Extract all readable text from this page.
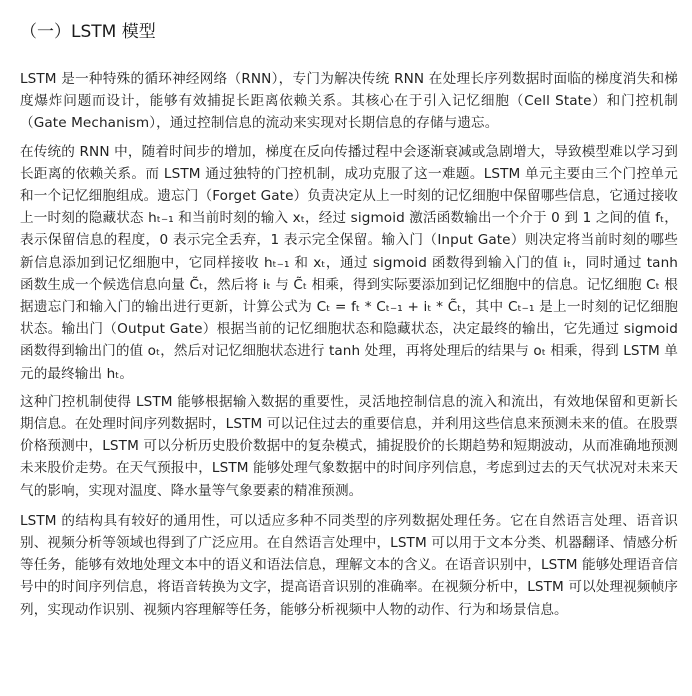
（一）LSTM 模型

LSTM 是一种特殊的循环神经网络（RNN），专门为解决传统 RNN 在处理长序列数据时面临的梯度消失和梯度爆炸问题而设计，能够有效捕捉长距离依赖关系。其核心在于引入记忆细胞（Cell State）和门控机制（Gate Mechanism），通过控制信息的流动来实现对长期信息的存储与遗忘。

在传统的 RNN 中，随着时间步的增加，梯度在反向传播过程中会逐渐衰减或急剧增大，导致模型难以学习到长距离的依赖关系。而 LSTM 通过独特的门控机制，成功克服了这一难题。LSTM 单元主要由三个门控单元和一个记忆细胞组成。遗忘门（Forget Gate）负责决定从上一时刻的记忆细胞中保留哪些信息，它通过接收上一时刻的隐藏状态 hₜ₋₁ 和当前时刻的输入 xₜ，经过 sigmoid 激活函数输出一个介于 0 到 1 之间的值 fₜ，表示保留信息的程度，0 表示完全丢弃，1 表示完全保留。输入门（Input Gate）则决定将当前时刻的哪些新信息添加到记忆细胞中，它同样接收 hₜ₋₁ 和 xₜ，通过 sigmoid 函数得到输入门的值 iₜ，同时通过 tanh 函数生成一个候选信息向量 C̃ₜ，然后将 iₜ 与 C̃ₜ 相乘，得到实际要添加到记忆细胞中的信息。记忆细胞 Cₜ 根据遗忘门和输入门的输出进行更新，计算公式为 Cₜ = fₜ * Cₜ₋₁ + iₜ * C̃ₜ，其中 Cₜ₋₁ 是上一时刻的记忆细胞状态。输出门（Output Gate）根据当前的记忆细胞状态和隐藏状态，决定最终的输出，它先通过 sigmoid 函数得到输出门的值 oₜ，然后对记忆细胞状态进行 tanh 处理，再将处理后的结果与 oₜ 相乘，得到 LSTM 单元的最终输出 hₜ。

这种门控机制使得 LSTM 能够根据输入数据的重要性，灵活地控制信息的流入和流出，有效地保留和更新长期信息。在处理时间序列数据时，LSTM 可以记住过去的重要信息，并利用这些信息来预测未来的值。在股票价格预测中，LSTM 可以分析历史股价数据中的复杂模式，捕捉股价的长期趋势和短期波动，从而准确地预测未来股价走势。在天气预报中，LSTM 能够处理气象数据中的时间序列信息，考虑到过去的天气状况对未来天气的影响，实现对温度、降水量等气象要素的精准预测。

LSTM 的结构具有较好的通用性，可以适应多种不同类型的序列数据处理任务。它在自然语言处理、语音识别、视频分析等领域也得到了广泛应用。在自然语言处理中，LSTM 可以用于文本分类、机器翻译、情感分析等任务，能够有效地处理文本中的语义和语法信息，理解文本的含义。在语音识别中，LSTM 能够处理语音信号中的时间序列信息，将语音转换为文字，提高语音识别的准确率。在视频分析中，LSTM 可以处理视频帧序列，实现动作识别、视频内容理解等任务，能够分析视频中人物的动作、行为和场景信息。
